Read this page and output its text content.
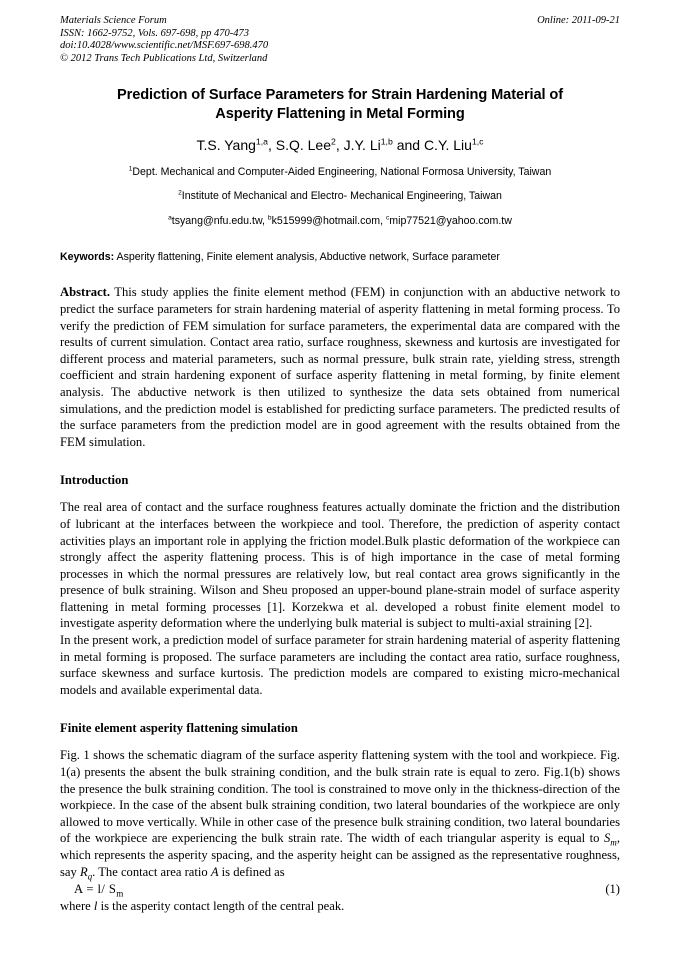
Materials Science Forum
ISSN: 1662-9752, Vols. 697-698, pp 470-473
doi:10.4028/www.scientific.net/MSF.697-698.470
© 2012 Trans Tech Publications Ltd, Switzerland
Online: 2011-09-21
Prediction of Surface Parameters for Strain Hardening Material of
Asperity Flattening in Metal Forming
T.S. Yang$^{1,a}$, S.Q. Lee$^2$, J.Y. Li$^{1,b}$ and C.Y. Liu$^{1,c}$
$^1$Dept. Mechanical and Computer-Aided Engineering, National Formosa University, Taiwan
$^2$Institute of Mechanical and Electro- Mechanical Engineering, Taiwan
$^a$tsyang@nfu.edu.tw, $^b$k515999@hotmail.com, $^c$mip77521@yahoo.com.tw
Keywords: Asperity flattening, Finite element analysis, Abductive network, Surface parameter
Abstract. This study applies the finite element method (FEM) in conjunction with an abductive network to predict the surface parameters for strain hardening material of asperity flattening in metal forming process. To verify the prediction of FEM simulation for surface parameters, the experimental data are compared with the results of current simulation. Contact area ratio, surface roughness, skewness and kurtosis are investigated for different process and material parameters, such as normal pressure, bulk strain rate, yielding stress, strength coefficient and strain hardening exponent of surface asperity flattening in metal forming, by finite element analysis. The abductive network is then utilized to synthesize the data sets obtained from numerical simulations, and the prediction model is established for predicting surface parameters. The predicted results of the surface parameters from the prediction model are in good agreement with the results obtained from the FEM simulation.
Introduction
The real area of contact and the surface roughness features actually dominate the friction and the distribution of lubricant at the interfaces between the workpiece and tool. Therefore, the prediction of asperity contact activities plays an important role in applying the friction model.Bulk plastic deformation of the workpiece can strongly affect the asperity flattening process. This is of high importance in the case of metal forming processes in which the normal pressures are relatively low, but real contact area grows significantly in the presence of bulk straining. Wilson and Sheu proposed an upper-bound plane-strain model of surface asperity flattening in metal forming processes [1]. Korzekwa et al. developed a robust finite element model to investigate asperity deformation where the underlying bulk material is subject to multi-axial straining [2].
In the present work, a prediction model of surface parameter for strain hardening material of asperity flattening in metal forming is proposed. The surface parameters are including the contact area ratio, surface roughness, surface skewness and surface kurtosis. The prediction models are compared to existing micro-mechanical models and available experimental data.
Finite element asperity flattening simulation
Fig. 1 shows the schematic diagram of the surface asperity flattening system with the tool and workpiece. Fig. 1(a) presents the absent the bulk straining condition, and the bulk strain rate is equal to zero. Fig.1(b) shows the presence the bulk straining condition. The tool is constrained to move only in the thickness-direction of the workpiece. In the case of the absent bulk straining condition, two lateral boundaries of the workpiece are only allowed to move vertically. While in other case of the presence bulk straining condition, two lateral boundaries of the workpiece are experiencing the bulk strain rate. The width of each triangular asperity is equal to $S_m$, which represents the asperity spacing, and the asperity height can be assigned as the representative roughness, say $R_q$. The contact area ratio A is defined as
A = l/ $S_m$	(1)
where l is the asperity contact length of the central peak.
